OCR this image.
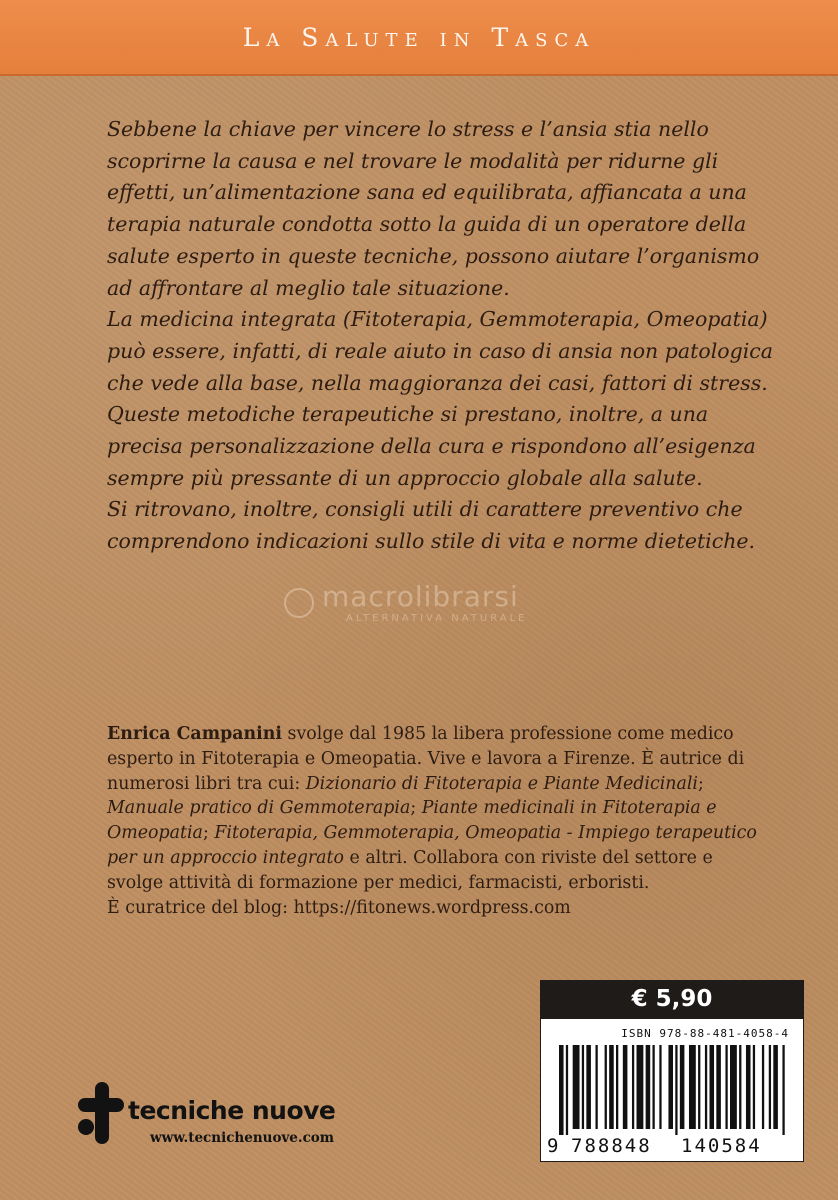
La Salute in Tasca

Sebbene la chiave per vincere lo stress e l’ansia stia nello scoprirne la causa e nel trovare le modalità per ridurne gli effetti, un’alimentazione sana ed equilibrata, affiancata a una terapia naturale condotta sotto la guida di un operatore della salute esperto in queste tecniche, possono aiutare l’organismo ad affrontare al meglio tale situazione.

La medicina integrata (Fitoterapia, Gemmoterapia, Omeopatia) può essere, infatti, di reale aiuto in caso di ansia non patologica che vede alla base, nella maggioranza dei casi, fattori di stress.

Queste metodiche terapeutiche si prestano, inoltre, a una precisa personalizzazione della cura e rispondono all’esigenza sempre più pressante di un approccio globale alla salute.

Si ritrovano, inoltre, consigli utili di carattere preventivo che comprendono indicazioni sullo stile di vita e norme dietetiche.

macrolibrarsi
ALTERNATIVA NATURALE

Enrica Campanini svolge dal 1985 la libera professione come medico esperto in Fitoterapia e Omeopatia. Vive e lavora a Firenze. È autrice di numerosi libri tra cui: Dizionario di Fitoterapia e Piante Medicinali; Manuale pratico di Gemmoterapia; Piante medicinali in Fitoterapia e Omeopatia; Fitoterapia, Gemmoterapia, Omeopatia - Impiego terapeutico per un approccio integrato e altri. Collabora con riviste del settore e svolge attività di formazione per medici, farmacisti, erboristi.

È curatrice del blog: https://fitonews.wordpress.com

€ 5,90
ISBN 978-88-481-4058-4
9 788848 140584
tecniche nuove
www.tecnichenuove.com
